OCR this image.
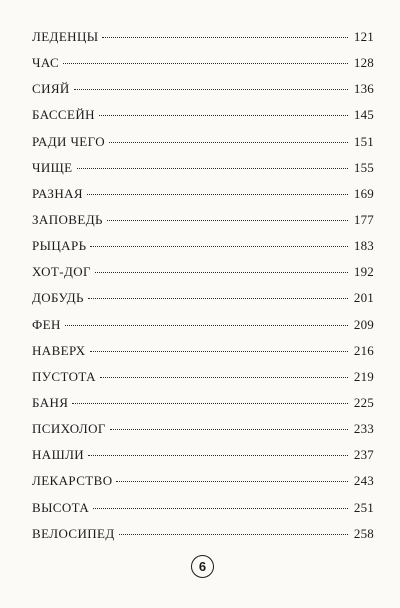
ЛЕДЕНЦЫ	121
ЧАС	128
СИЯЙ	136
БАССЕЙН	145
РАДИ ЧЕГО	151
ЧИЩЕ	155
РАЗНАЯ	169
ЗАПОВЕДЬ	177
РЫЦАРЬ	183
ХОТ-ДОГ	192
ДОБУДЬ	201
ФЕН	209
НАВЕРХ	216
ПУСТОТА	219
БАНЯ	225
ПСИХОЛОГ	233
НАШЛИ	237
ЛЕКАРСТВО	243
ВЫСОТА	251
ВЕЛОСИПЕД	258
6
